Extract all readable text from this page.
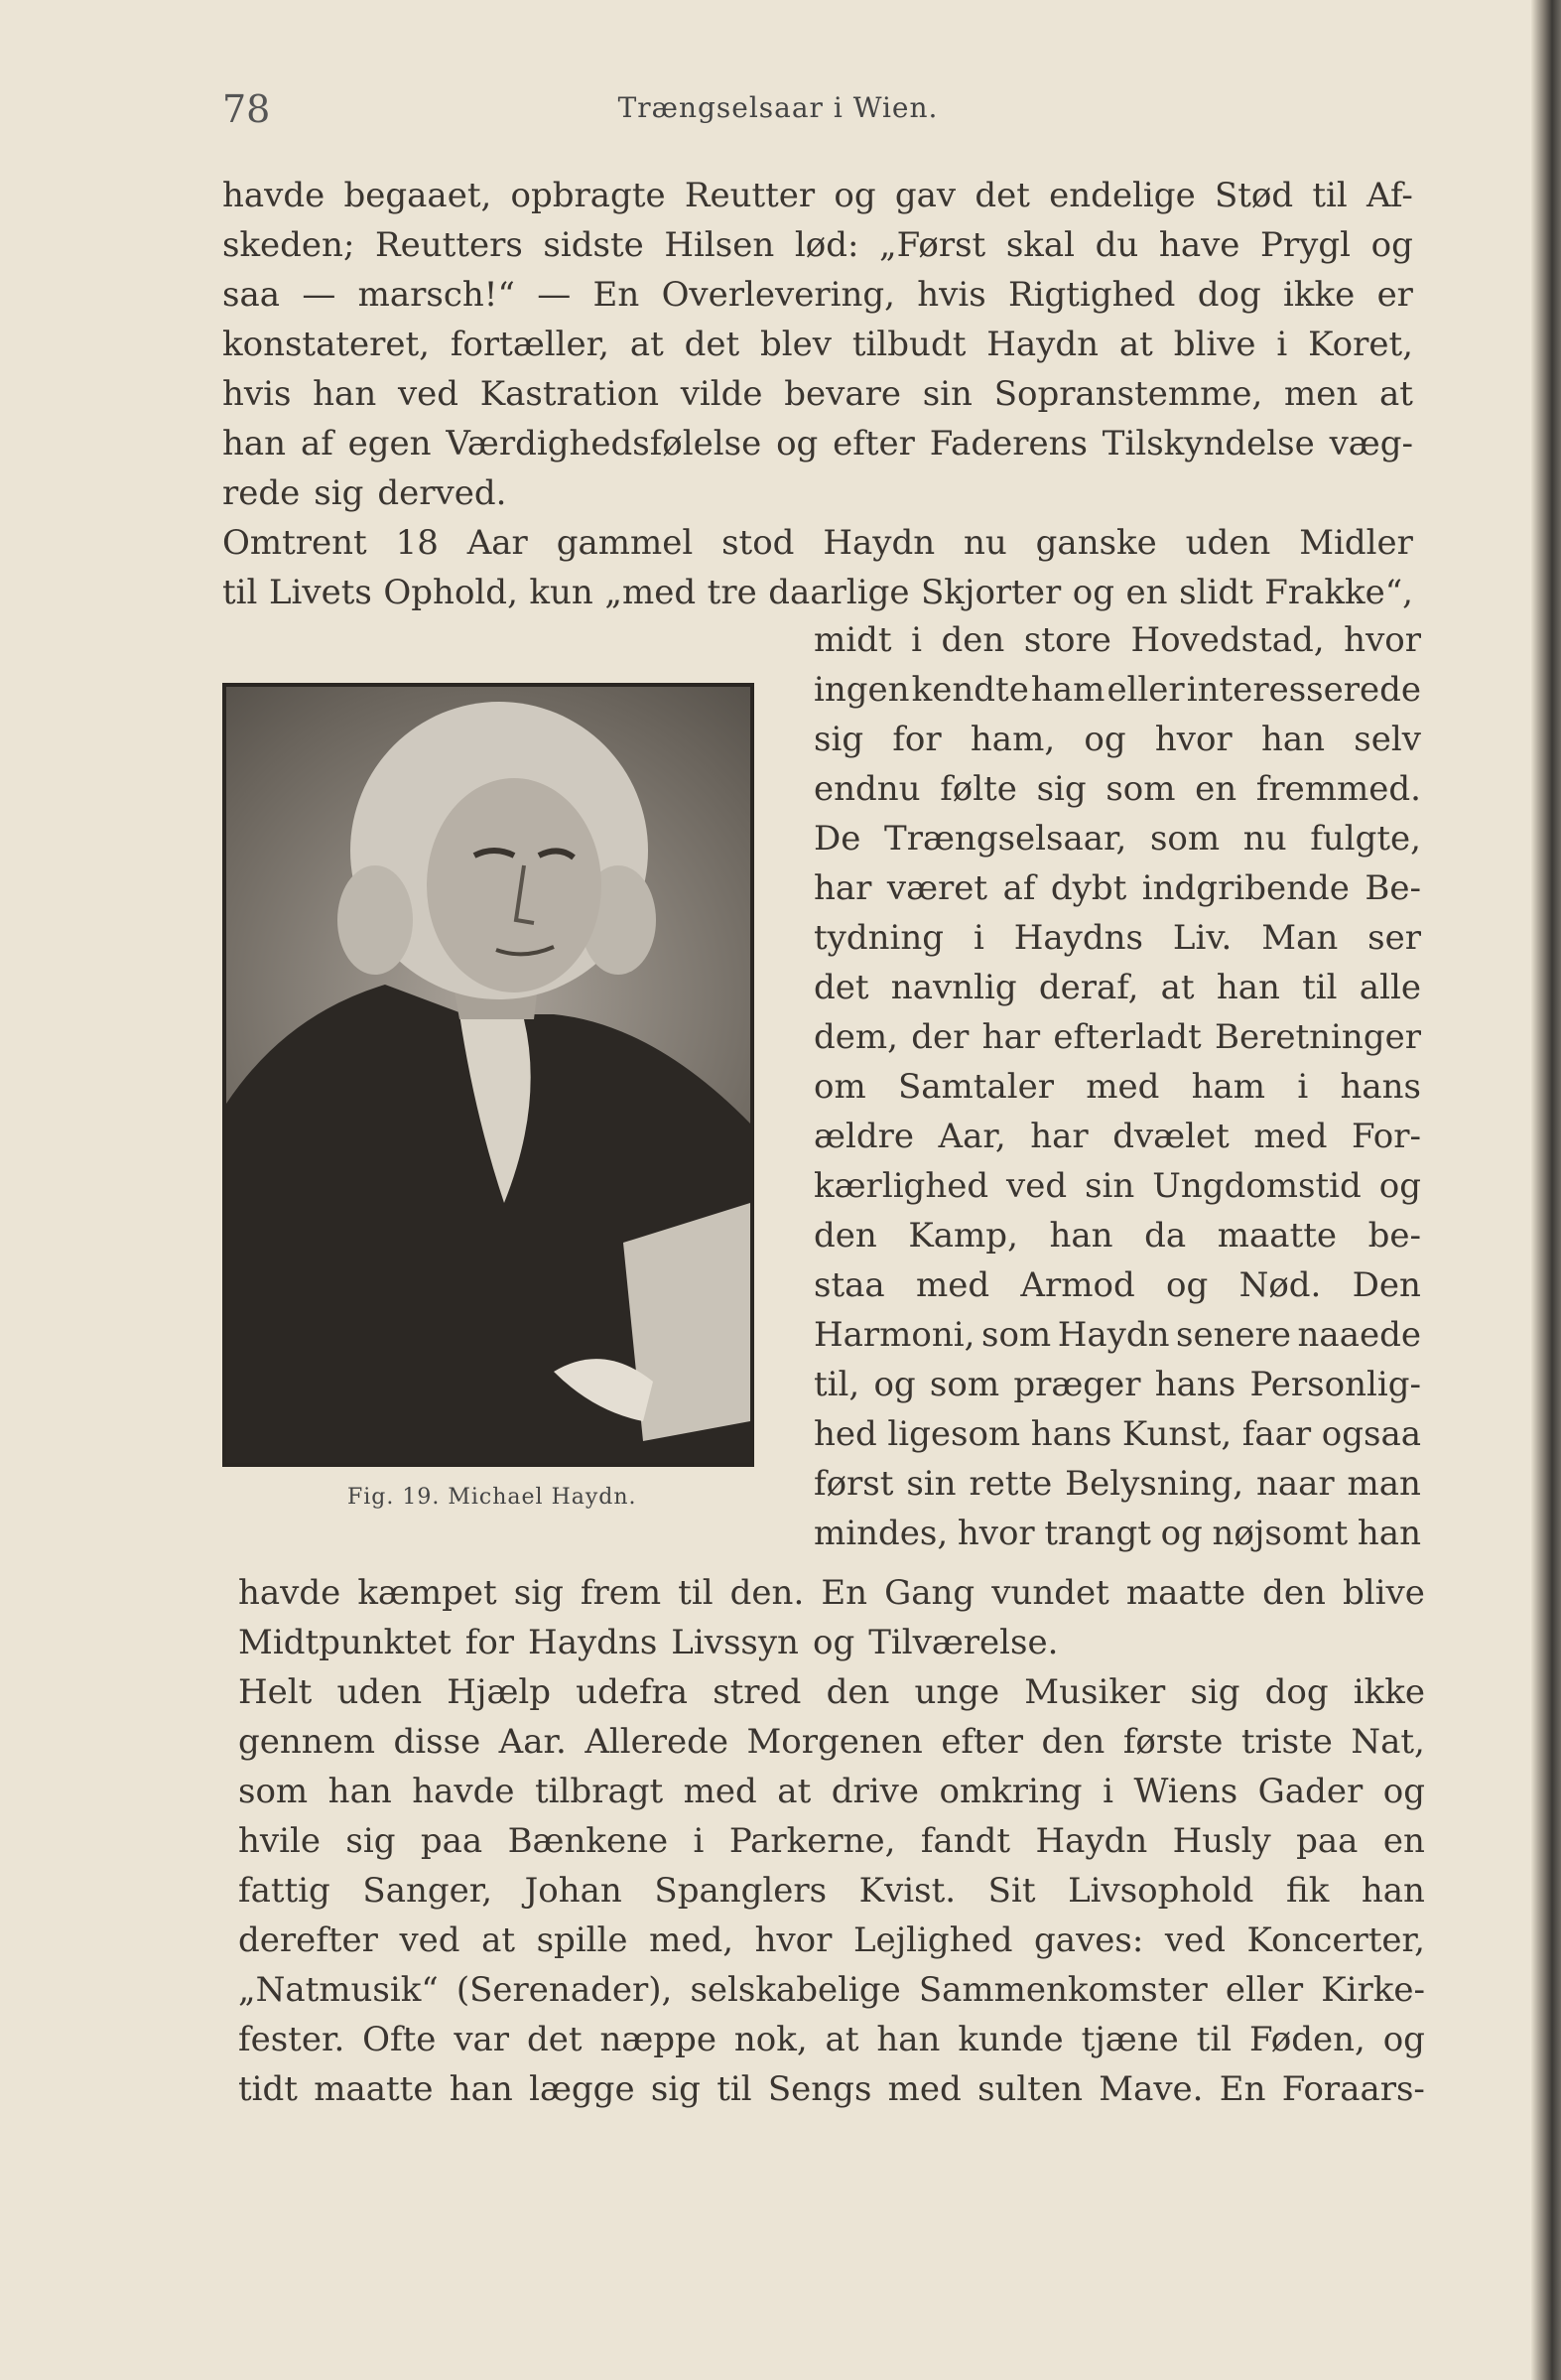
78	Trængselsaar i Wien.
havde begaaet, opbragte Reutter og gav det endelige Stød til Af-
skeden; Reutters sidste Hilsen lød: „Først skal du have Prygl og
saa — marsch!“ — En Overlevering, hvis Rigtighed dog ikke er
konstateret, fortæller, at det blev tilbudt Haydn at blive i Koret,
hvis han ved Kastration vilde bevare sin Sopranstemme, men at
han af egen Værdighedsfølelse og efter Faderens Tilskyndelse væg-
rede sig derved.
Omtrent 18 Aar gammel stod Haydn nu ganske uden Midler
til Livets Ophold, kun „med tre daarlige Skjorter og en slidt Frakke“,
Fig. 19. Michael Haydn.
midt i den store Hovedstad, hvor
ingen kendte ham eller interesserede
sig for ham, og hvor han selv
endnu følte sig som en fremmed.
De Trængselsaar, som nu fulgte,
har været af dybt indgribende Be-
tydning i Haydns Liv. Man ser
det navnlig deraf, at han til alle
dem, der har efterladt Beretninger
om Samtaler med ham i hans
ældre Aar, har dvælet med For-
kærlighed ved sin Ungdomstid og
den Kamp, han da maatte be-
staa med Armod og Nød. Den
Harmoni, som Haydn senere naaede
til, og som præger hans Personlig-
hed ligesom hans Kunst, faar ogsaa
først sin rette Belysning, naar man
mindes, hvor trangt og nøjsomt han
havde kæmpet sig frem til den. En Gang vundet maatte den blive
Midtpunktet for Haydns Livssyn og Tilværelse.
Helt uden Hjælp udefra stred den unge Musiker sig dog ikke
gennem disse Aar. Allerede Morgenen efter den første triste Nat,
som han havde tilbragt med at drive omkring i Wiens Gader og
hvile sig paa Bænkene i Parkerne, fandt Haydn Husly paa en
fattig Sanger, Johan Spanglers Kvist. Sit Livsophold fik han
derefter ved at spille med, hvor Lejlighed gaves: ved Koncerter,
„Natmusik“ (Serenader), selskabelige Sammenkomster eller Kirke-
fester. Ofte var det næppe nok, at han kunde tjæne til Føden, og
tidt maatte han lægge sig til Sengs med sulten Mave. En Foraars-
